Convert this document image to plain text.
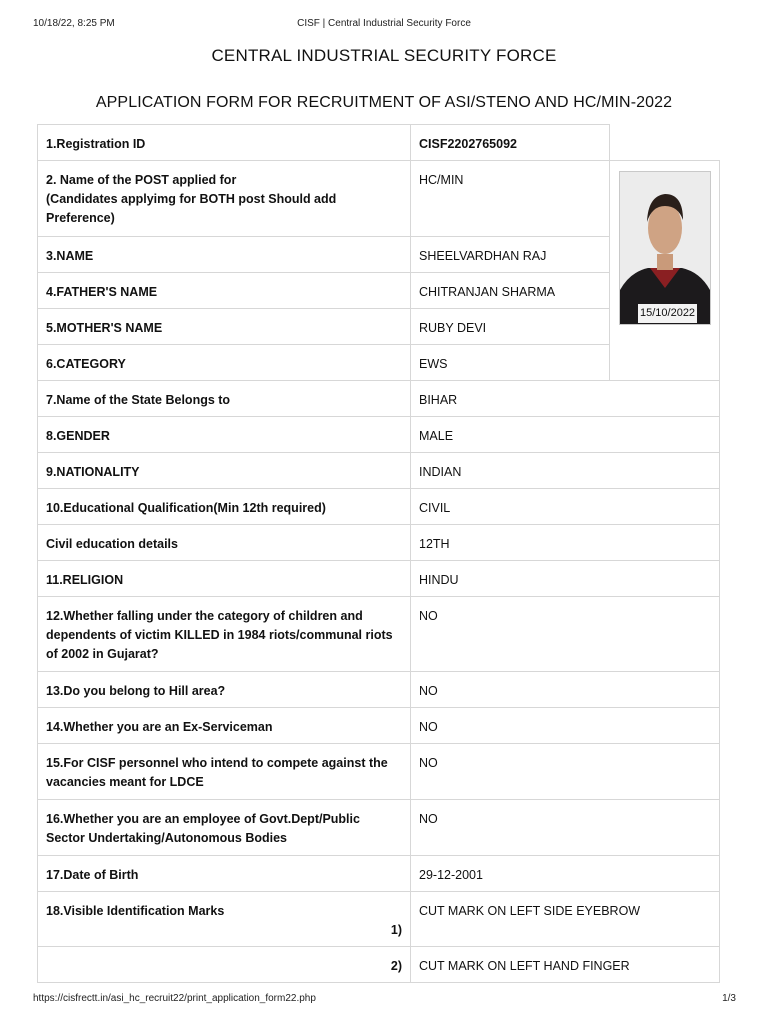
10/18/22, 8:25 PM	CISF | Central Industrial Security Force
CENTRAL INDUSTRIAL SECURITY FORCE
APPLICATION FORM FOR RECRUITMENT OF ASI/STENO AND HC/MIN-2022
1.Registration ID	CISF2202765092	
2. Name of the POST applied for
(Candidates applyimg for BOTH post Should add Preference)	HC/MIN	15/10/2022

3.NAME	SHEELVARDHAN RAJ	
4.FATHER'S NAME	CHITRANJAN SHARMA	
5.MOTHER'S NAME	RUBY DEVI	
6.CATEGORY	EWS	
7.Name of the State Belongs to	BIHAR	
8.GENDER	MALE	
9.NATIONALITY	INDIAN	
10.Educational Qualification(Min 12th required)	CIVIL	
Civil education details	12TH	
11.RELIGION	HINDU	
12.Whether falling under the category of children and dependents of victim KILLED in 1984 riots/communal riots of 2002 in Gujarat?	NO	
13.Do you belong to Hill area?	NO	
14.Whether you are an Ex-Serviceman	NO	
15.For CISF personnel who intend to compete against the vacancies meant for LDCE	NO	
16.Whether you are an employee of Govt.Dept/Public Sector Undertaking/Autonomous Bodies	NO	
17.Date of Birth	29-12-2001	
18.Visible Identification Marks
1)	CUT MARK ON LEFT SIDE EYEBROW	
2)	CUT MARK ON LEFT HAND FINGER	
https://cisfrectt.in/asi_hc_recruit22/print_application_form22.php	1/3
